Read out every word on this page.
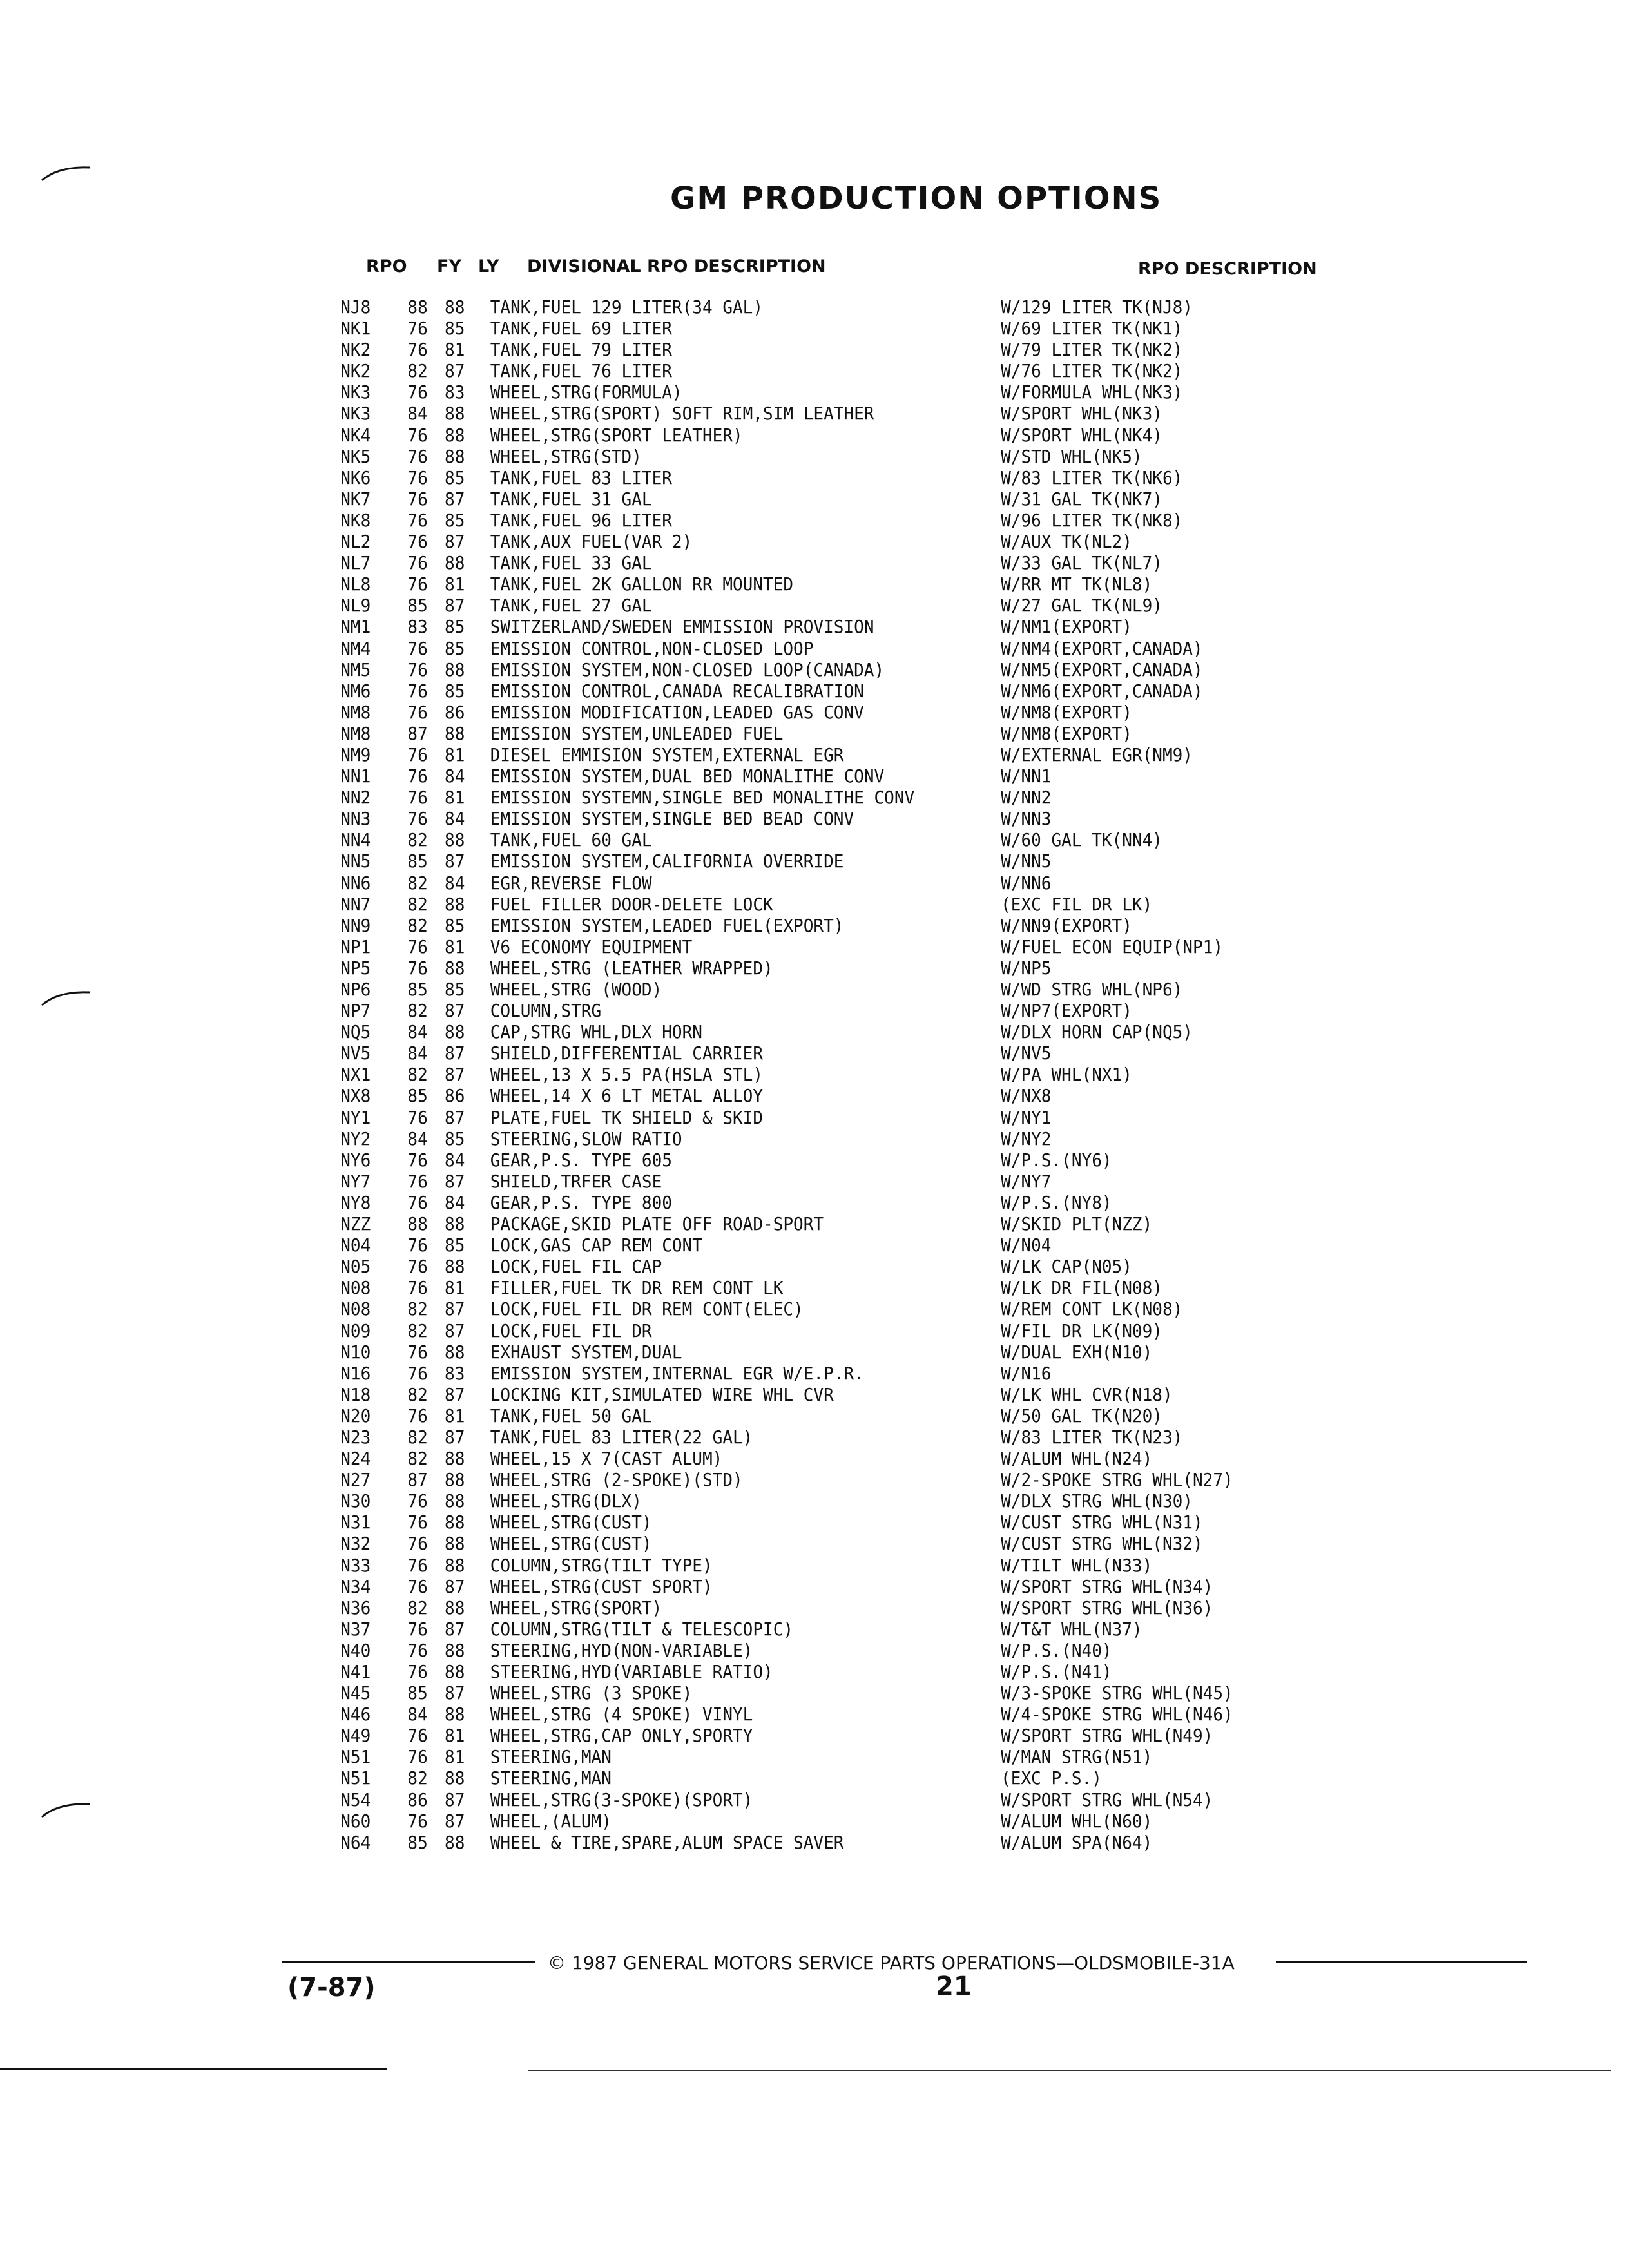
GM PRODUCTION OPTIONS
RPO FY LY DIVISIONAL RPO DESCRIPTION	RPO DESCRIPTION
NJ8 88 88 TANK,FUEL 129 LITER(34 GAL)	W/129 LITER TK(NJ8)
NK1 76 85 TANK,FUEL 69 LITER	W/69 LITER TK(NK1)
NK2 76 81 TANK,FUEL 79 LITER	W/79 LITER TK(NK2)
NK2 82 87 TANK,FUEL 76 LITER	W/76 LITER TK(NK2)
NK3 76 83 WHEEL,STRG(FORMULA)	W/FORMULA WHL(NK3)
NK3 84 88 WHEEL,STRG(SPORT) SOFT RIM,SIM LEATHER	W/SPORT WHL(NK3)
NK4 76 88 WHEEL,STRG(SPORT LEATHER)	W/SPORT WHL(NK4)
NK5 76 88 WHEEL,STRG(STD)	W/STD WHL(NK5)
NK6 76 85 TANK,FUEL 83 LITER	W/83 LITER TK(NK6)
NK7 76 87 TANK,FUEL 31 GAL	W/31 GAL TK(NK7)
NK8 76 85 TANK,FUEL 96 LITER	W/96 LITER TK(NK8)
NL2 76 87 TANK,AUX FUEL(VAR 2)	W/AUX TK(NL2)
NL7 76 88 TANK,FUEL 33 GAL	W/33 GAL TK(NL7)
NL8 76 81 TANK,FUEL 2K GALLON RR MOUNTED	W/RR MT TK(NL8)
NL9 85 87 TANK,FUEL 27 GAL	W/27 GAL TK(NL9)
NM1 83 85 SWITZERLAND/SWEDEN EMMISSION PROVISION	W/NM1(EXPORT)
NM4 76 85 EMISSION CONTROL,NON-CLOSED LOOP	W/NM4(EXPORT,CANADA)
NM5 76 88 EMISSION SYSTEM,NON-CLOSED LOOP(CANADA)	W/NM5(EXPORT,CANADA)
NM6 76 85 EMISSION CONTROL,CANADA RECALIBRATION	W/NM6(EXPORT,CANADA)
NM8 76 86 EMISSION MODIFICATION,LEADED GAS CONV	W/NM8(EXPORT)
NM8 87 88 EMISSION SYSTEM,UNLEADED FUEL	W/NM8(EXPORT)
NM9 76 81 DIESEL EMMISION SYSTEM,EXTERNAL EGR	W/EXTERNAL EGR(NM9)
NN1 76 84 EMISSION SYSTEM,DUAL BED MONALITHE CONV	W/NN1
NN2 76 81 EMISSION SYSTEMN,SINGLE BED MONALITHE CONV	W/NN2
NN3 76 84 EMISSION SYSTEM,SINGLE BED BEAD CONV	W/NN3
NN4 82 88 TANK,FUEL 60 GAL	W/60 GAL TK(NN4)
NN5 85 87 EMISSION SYSTEM,CALIFORNIA OVERRIDE	W/NN5
NN6 82 84 EGR,REVERSE FLOW	W/NN6
NN7 82 88 FUEL FILLER DOOR-DELETE LOCK	(EXC FIL DR LK)
NN9 82 85 EMISSION SYSTEM,LEADED FUEL(EXPORT)	W/NN9(EXPORT)
NP1 76 81 V6 ECONOMY EQUIPMENT	W/FUEL ECON EQUIP(NP1)
NP5 76 88 WHEEL,STRG (LEATHER WRAPPED)	W/NP5
NP6 85 85 WHEEL,STRG (WOOD)	W/WD STRG WHL(NP6)
NP7 82 87 COLUMN,STRG	W/NP7(EXPORT)
NQ5 84 88 CAP,STRG WHL,DLX HORN	W/DLX HORN CAP(NQ5)
NV5 84 87 SHIELD,DIFFERENTIAL CARRIER	W/NV5
NX1 82 87 WHEEL,13 X 5.5 PA(HSLA STL)	W/PA WHL(NX1)
NX8 85 86 WHEEL,14 X 6 LT METAL ALLOY	W/NX8
NY1 76 87 PLATE,FUEL TK SHIELD & SKID	W/NY1
NY2 84 85 STEERING,SLOW RATIO	W/NY2
NY6 76 84 GEAR,P.S. TYPE 605	W/P.S.(NY6)
NY7 76 87 SHIELD,TRFER CASE	W/NY7
NY8 76 84 GEAR,P.S. TYPE 800	W/P.S.(NY8)
NZZ 88 88 PACKAGE,SKID PLATE OFF ROAD-SPORT	W/SKID PLT(NZZ)
N04 76 85 LOCK,GAS CAP REM CONT	W/N04
N05 76 88 LOCK,FUEL FIL CAP	W/LK CAP(N05)
N08 76 81 FILLER,FUEL TK DR REM CONT LK	W/LK DR FIL(N08)
N08 82 87 LOCK,FUEL FIL DR REM CONT(ELEC)	W/REM CONT LK(N08)
N09 82 87 LOCK,FUEL FIL DR	W/FIL DR LK(N09)
N10 76 88 EXHAUST SYSTEM,DUAL	W/DUAL EXH(N10)
N16 76 83 EMISSION SYSTEM,INTERNAL EGR W/E.P.R.	W/N16
N18 82 87 LOCKING KIT,SIMULATED WIRE WHL CVR	W/LK WHL CVR(N18)
N20 76 81 TANK,FUEL 50 GAL	W/50 GAL TK(N20)
N23 82 87 TANK,FUEL 83 LITER(22 GAL)	W/83 LITER TK(N23)
N24 82 88 WHEEL,15 X 7(CAST ALUM)	W/ALUM WHL(N24)
N27 87 88 WHEEL,STRG (2-SPOKE)(STD)	W/2-SPOKE STRG WHL(N27)
N30 76 88 WHEEL,STRG(DLX)	W/DLX STRG WHL(N30)
N31 76 88 WHEEL,STRG(CUST)	W/CUST STRG WHL(N31)
N32 76 88 WHEEL,STRG(CUST)	W/CUST STRG WHL(N32)
N33 76 88 COLUMN,STRG(TILT TYPE)	W/TILT WHL(N33)
N34 76 87 WHEEL,STRG(CUST SPORT)	W/SPORT STRG WHL(N34)
N36 82 88 WHEEL,STRG(SPORT)	W/SPORT STRG WHL(N36)
N37 76 87 COLUMN,STRG(TILT & TELESCOPIC)	W/T&T WHL(N37)
N40 76 88 STEERING,HYD(NON-VARIABLE)	W/P.S.(N40)
N41 76 88 STEERING,HYD(VARIABLE RATIO)	W/P.S.(N41)
N45 85 87 WHEEL,STRG (3 SPOKE)	W/3-SPOKE STRG WHL(N45)
N46 84 88 WHEEL,STRG (4 SPOKE) VINYL	W/4-SPOKE STRG WHL(N46)
N49 76 81 WHEEL,STRG,CAP ONLY,SPORTY	W/SPORT STRG WHL(N49)
N51 76 81 STEERING,MAN	W/MAN STRG(N51)
N51 82 88 STEERING,MAN	(EXC P.S.)
N54 86 87 WHEEL,STRG(3-SPOKE)(SPORT)	W/SPORT STRG WHL(N54)
N60 76 87 WHEEL,(ALUM)	W/ALUM WHL(N60)
N64 85 88 WHEEL & TIRE,SPARE,ALUM SPACE SAVER	W/ALUM SPA(N64)
© 1987 GENERAL MOTORS SERVICE PARTS OPERATIONS—OLDSMOBILE-31A
(7-87)	21
